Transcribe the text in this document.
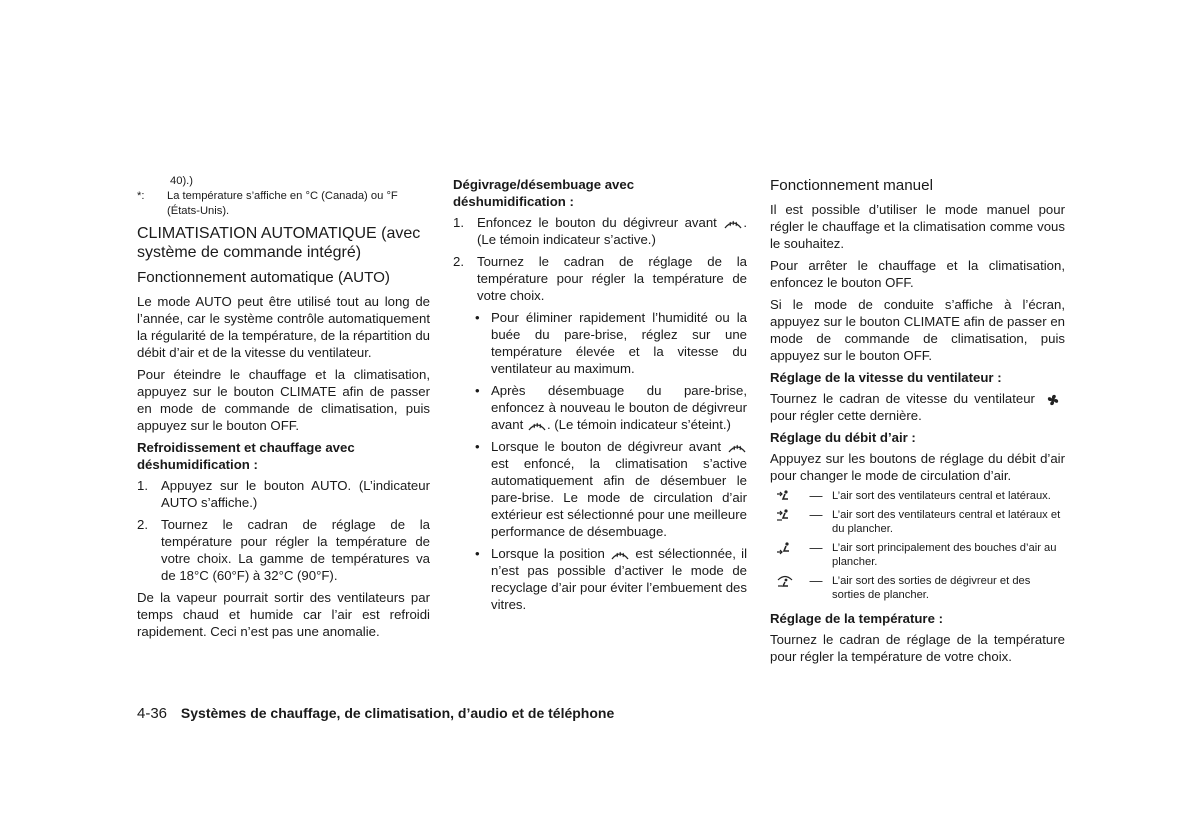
40).)

*:	La température s’affiche en °C (Canada) ou °F (États-Unis).
CLIMATISATION AUTOMATIQUE (avec système de commande intégré)
Fonctionnement automatique (AUTO)

Le mode AUTO peut être utilisé tout au long de l’année, car le système contrôle automatiquement la régularité de la température, de la répartition du débit d’air et de la vitesse du ventilateur.

Pour éteindre le chauffage et la climatisation, appuyez sur le bouton CLIMATE afin de passer en mode de commande de climatisation, puis appuyez sur le bouton OFF.

Refroidissement et chauffage avec déshumidification :
1. Appuyez sur le bouton AUTO. (L’indicateur AUTO s’affiche.)
2. Tournez le cadran de réglage de la température pour régler la température de votre choix. La gamme de températures va de 18°C (60°F) à 32°C (90°F).

De la vapeur pourrait sortir des ventilateurs par temps chaud et humide car l’air est refroidi rapidement. Ceci n’est pas une anomalie.

Dégivrage/désembuage avec déshumidification :
1. Enfoncez le bouton du dégivreur avant . (Le témoin indicateur s’active.)
2. Tournez le cadran de réglage de la température pour régler la température de votre choix.
• Pour éliminer rapidement l’humidité ou la buée du pare-brise, réglez sur une température élevée et la vitesse du ventilateur au maximum.
• Après désembuage du pare-brise, enfoncez à nouveau le bouton de dégivreur avant . (Le témoin indicateur s’éteint.)
• Lorsque le bouton de dégivreur avant  est enfoncé, la climatisation s’active automatiquement afin de désembuer le pare-brise. Le mode de circulation d’air extérieur est sélectionné pour une meilleure performance de désembuage.
• Lorsque la position est sélectionnée, il n’est pas possible d’activer le mode de recyclage d’air pour éviter l’embuement des vitres.
Fonctionnement manuel

Il est possible d’utiliser le mode manuel pour régler le chauffage et la climatisation comme vous le souhaitez.

Pour arrêter le chauffage et la climatisation, enfoncez le bouton OFF.

Si le mode de conduite s’affiche à l’écran, appuyez sur le bouton CLIMATE afin de passer en mode de commande de climatisation, puis appuyez sur le bouton OFF.

Réglage de la vitesse du ventilateur :

Tournez le cadran de vitesse du ventilateur  pour régler cette dernière.

Réglage du débit d’air :

Appuyez sur les boutons de réglage du débit d’air pour changer le mode de circulation d’air.

— L’air sort des ventilateurs central et latéraux.
— L’air sort des ventilateurs central et latéraux et du plancher.
— L’air sort principalement des bouches d’air au plancher.
— L’air sort des sorties de dégivreur et des sorties de plancher.
Réglage de la température :

Tournez le cadran de réglage de la température pour régler la température de votre choix.

4-36 Systèmes de chauffage, de climatisation, d’audio et de téléphone
